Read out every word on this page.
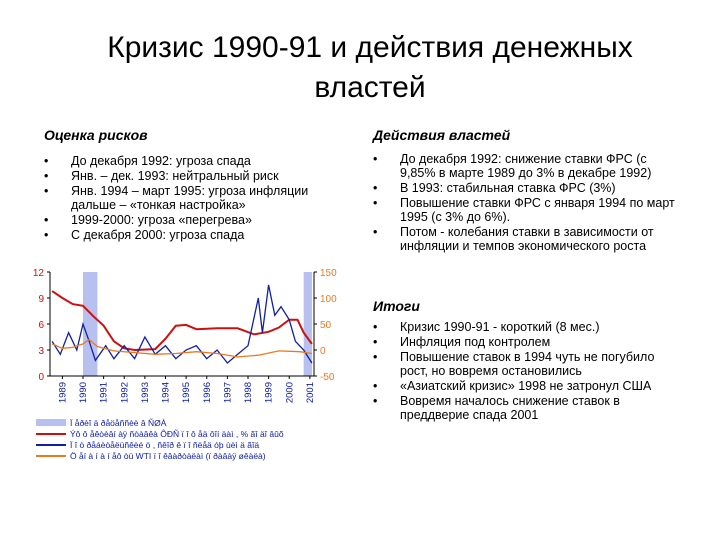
Кризис 1990-91 и действия денежных
властей
Оценка рисков
• До декабря 1992: угроза спада
• Янв. – дек. 1993: нейтральный риск
• Янв. 1994 – март 1995: угроза инфляции дальше – «тонкая настройка»
• 1999-2000: угроза «перегрева»
• С декабря 2000: угроза спада
Действия властей
• До декабря 1992: снижение ставки ФРС (с 9,85% в марте 1989 до 3% в декабре 1992)
• В 1993: стабильная ставка ФРС (3%)
• Повышение ставки ФРС с января 1994 по март 1995 (с 3% до 6%).
• Потом - колебания ставки в зависимости от инфляции и темпов экономического роста
Итоги
• Кризис 1990-91 - короткий (8 мес.)
• Инфляция под контролем
• Повышение ставок в 1994 чуть не погубило рост, но вовремя остановились
• «Азиатский кризис» 1998 не затронул США
• Вовремя началось снижение ставок в преддверие спада 2001
12
9
6
3
0
150
100
50
0
-50
1989 1990 1991 1992 1993 1994 1995 1996 1997 1998 1999 2000 2001
Ï åðèî ä ðåöåññèè â ÑØÀ
Ýô ô åêòèâí àÿ ñòàâêà ÔÐÑ ï î ô åä ôîí äàì , % ãî äî âûõ
Ï î ò ðåáèòåëüñêèé ö , ñêîð ê ï î ñëåä óþ ùèì ä ãîä
Ö åí à í à í åô òü WTI ï î êâàðòàëàì (ï ðàâàÿ øêàëà)
